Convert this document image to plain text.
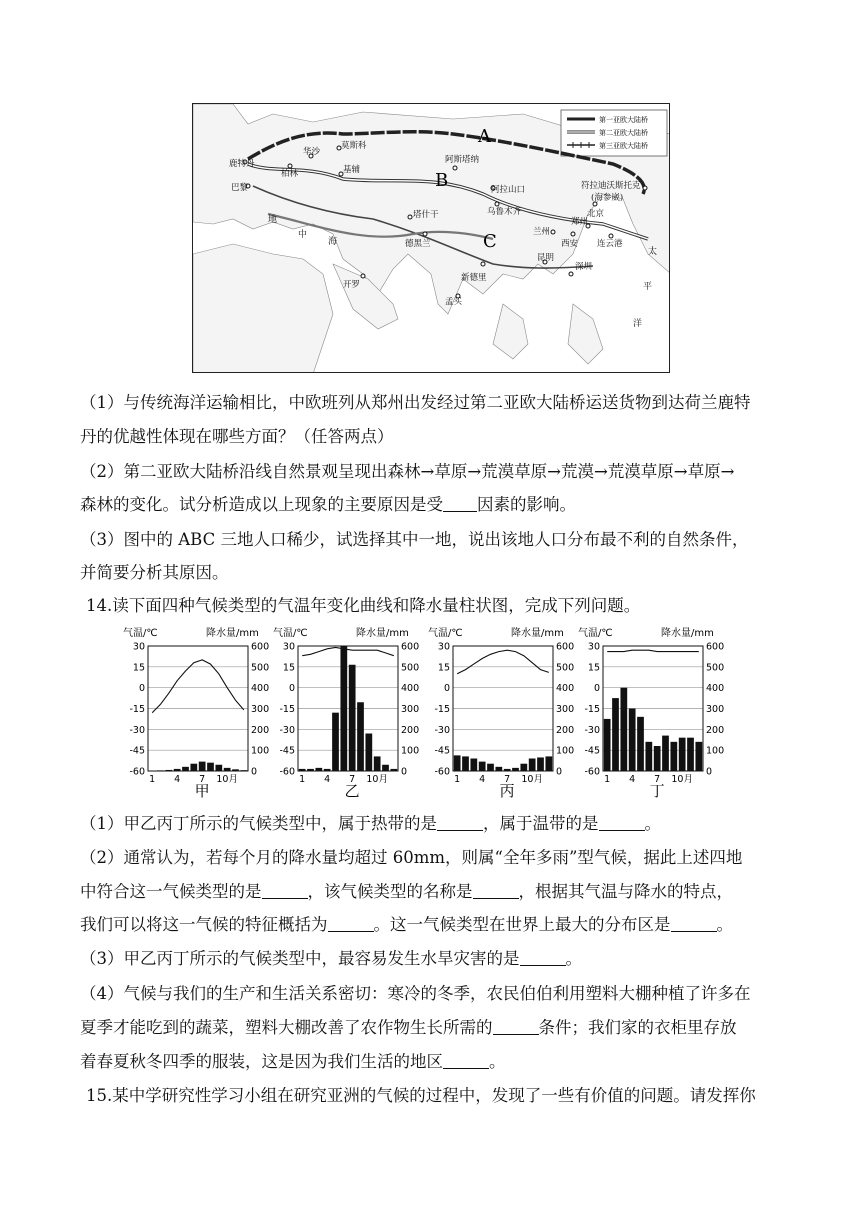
第一亚欧大陆桥
第二亚欧大陆桥
第三亚欧大陆桥
A
B
C
鹿特丹
柏林
华沙
莫斯科
巴黎
基辅
阿斯塔纳
阿拉山口
乌鲁木齐
塔什干
德黑兰
兰州
西安
郑州
北京
符拉迪沃斯托克
(海参崴)
连云港
昆明
深圳
新德里
开罗
孟买
地
中
海
太
平
洋
（1）与传统海洋运输相比，中欧班列从郑州出发经过第二亚欧大陆桥运送货物到达荷兰鹿特
丹的优越性体现在哪些方面？（任答两点）
（2）第二亚欧大陆桥沿线自然景观呈现出森林→草原→荒漠草原→荒漠→荒漠草原→草原→
森林的变化。试分析造成以上现象的主要原因是受 因素的影响。
（3）图中的 ABC 三地人口稀少，试选择其中一地，说出该地人口分布最不利的自然条件，
并简要分析其原因。
14.读下面四种气候类型的气温年变化曲线和降水量柱状图，完成下列问题。
气温/℃	降水量/mm
-60
-45
-30
-15
0
15
30
0
100
200
300
400
500
600
1 4 7 10月
甲
气温/℃	降水量/mm
-60
-45
-30
-15
0
15
30
0
100
200
300
400
500
600
1 4 7 10月
乙
气温/℃	降水量/mm
-60
-45
-30
-15
0
15
30
0
100
200
300
400
500
600
1 4 7 10月
丙
气温/℃	降水量/mm
-60
-45
-30
-15
0
15
30
0
100
200
300
400
500
600
1 4 7 10月
丁
（1）甲乙丙丁所示的气候类型中，属于热带的是	，属于温带的是	。
（2）通常认为，若每个月的降水量均超过 60mm，则属“全年多雨”型气候，据此上述四地
中符合这一气候类型的是	，该气候类型的名称是	，根据其气温与降水的特点，
我们可以将这一气候的特征概括为	。这一气候类型在世界上最大的分布区是	。
（3）甲乙丙丁所示的气候类型中，最容易发生水旱灾害的是	。
（4）气候与我们的生产和生活关系密切：寒冷的冬季，农民伯伯利用塑料大棚种植了许多在
夏季才能吃到的蔬菜，塑料大棚改善了农作物生长所需的	条件；我们家的衣柜里存放
着春夏秋冬四季的服装，这是因为我们生活的地区	。
15.某中学研究性学习小组在研究亚洲的气候的过程中，发现了一些有价值的问题。请发挥你
